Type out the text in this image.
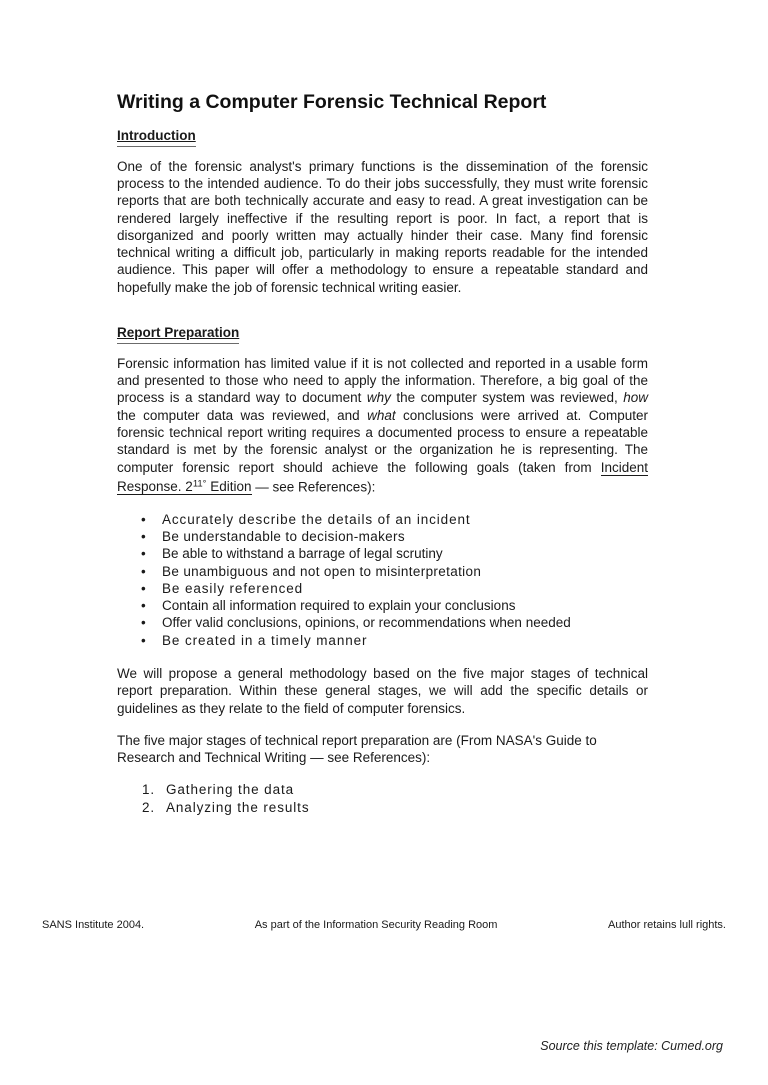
Writing a Computer Forensic Technical Report
Introduction

One of the forensic analyst's primary functions is the dissemination of the forensic process to the intended audience. To do their jobs successfully, they must write forensic reports that are both technically accurate and easy to read. A great investigation can be rendered largely ineffective if the resulting report is poor. In fact, a report that is disorganized and poorly written may actually hinder their case. Many find forensic technical writing a difficult job, particularly in making reports readable for the intended audience. This paper will offer a methodology to ensure a repeatable standard and hopefully make the job of forensic technical writing easier.

Report Preparation

Forensic information has limited value if it is not collected and reported in a usable form and presented to those who need to apply the information. Therefore, a big goal of the process is a standard way to document why the computer system was reviewed, how the computer data was reviewed, and what conclusions were arrived at. Computer forensic technical report writing requires a documented process to ensure a repeatable standard is met by the forensic analyst or the organization he is representing. The computer forensic report should achieve the following goals (taken from Incident Response. $2^{11^\circ}$ Edition — see References):

• Accurately describe the details of an incident
• Be understandable to decision-makers
• Be able to withstand a barrage of legal scrutiny
• Be unambiguous and not open to misinterpretation
• Be easily referenced
• Contain all information required to explain your conclusions
• Offer valid conclusions, opinions, or recommendations when needed
• Be created in a timely manner

We will propose a general methodology based on the five major stages of technical report preparation. Within these general stages, we will add the specific details or guidelines as they relate to the field of computer forensics.

The five major stages of technical report preparation are (From NASA's Guide to Research and Technical Writing — see References):

Gathering the data
Analyzing the results
SANS Institute 2004.	As part of the Information Security Reading Room	Author retains lull rights.
Source this template: Cumed.org
